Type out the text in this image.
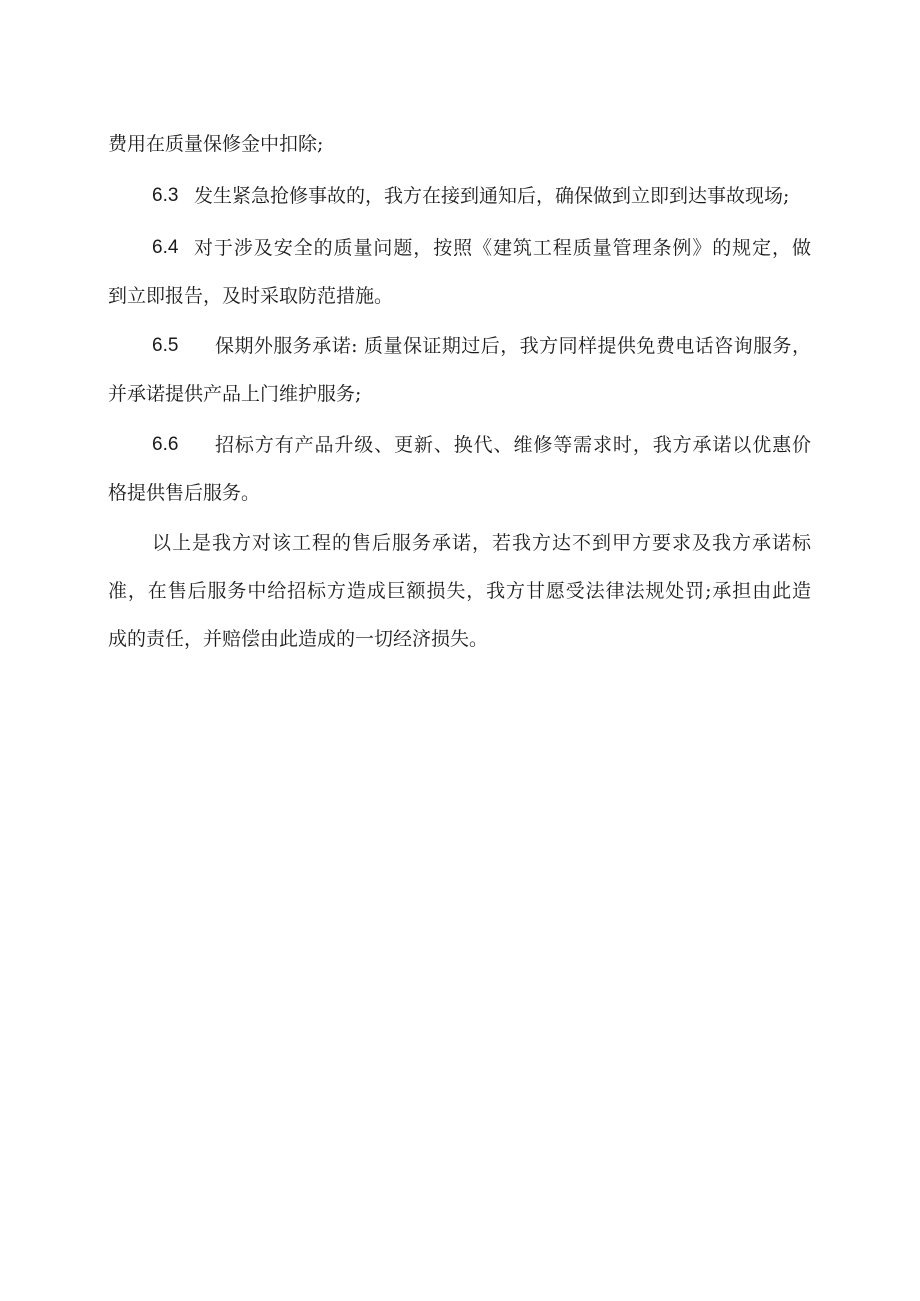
费用在质量保修金中扣除;
6.3 发生紧急抢修事故的，我方在接到通知后，确保做到立即到达事故现场;
6.4 对于涉及安全的质量问题，按照《建筑工程质量管理条例》的规定，做
到立即报告，及时采取防范措施。
6.5 保期外服务承诺: 质量保证期过后，我方同样提供免费电话咨询服务，
并承诺提供产品上门维护服务;
6.6 招标方有产品升级、更新、换代、维修等需求时，我方承诺以优惠价
格提供售后服务。
以上是我方对该工程的售后服务承诺，若我方达不到甲方要求及我方承诺标
准，在售后服务中给招标方造成巨额损失，我方甘愿受法律法规处罚;承担由此造
成的责任，并赔偿由此造成的一切经济损失。
